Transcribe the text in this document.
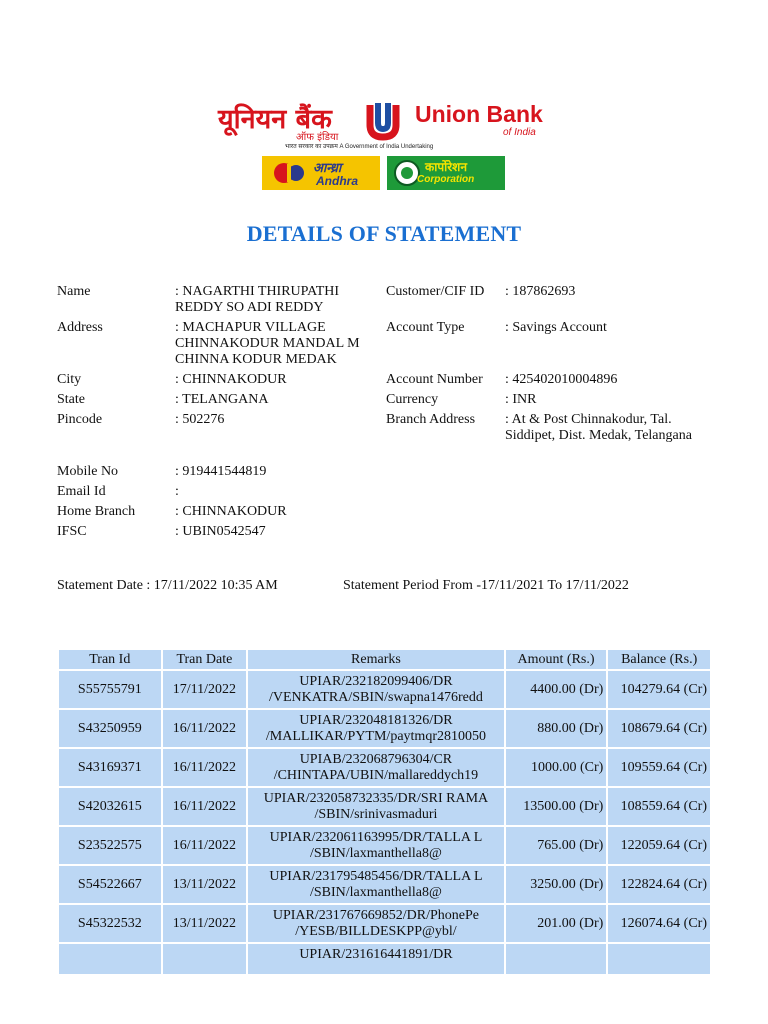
यूनियन बैंक
ऑफ इंडिया
Union Bank
of India
भारत सरकार का उपक्रम A Government of India Undertaking
आन्ध्रा
Andhra
कार्पोरेशन
Corporation
DETAILS OF STATEMENT
Name	: NAGARTHI THIRUPATHI REDDY SO ADI REDDY
Address	: MACHAPUR VILLAGE CHINNAKODUR MANDAL M CHINNA KODUR MEDAK
City	: CHINNAKODUR
State	: TELANGANA
Pincode	: 502276
Mobile No	: 919441544819
Email Id	:
Home Branch	: CHINNAKODUR
IFSC	: UBIN0542547
Customer/CIF ID : 187862693
Account Type	: Savings Account
Account Number : 425402010004896
Currency	: INR
Branch Address : At & Post Chinnakodur, Tal. Siddipet, Dist. Medak, Telangana
Statement Date : 17/11/2022 10:35 AM	Statement Period From -17/11/2021 To 17/11/2022
Tran Id	Tran Date	Remarks	Amount (Rs.)	Balance (Rs.)
S55755791	17/11/2022	UPIAR/232182099406/DR
/VENKATRA/SBIN/swapna1476redd	4400.00 (Dr)	104279.64 (Cr)
S43250959	16/11/2022	UPIAR/232048181326/DR
/MALLIKAR/PYTM/paytmqr2810050	880.00 (Dr)	108679.64 (Cr)
S43169371	16/11/2022	UPIAB/232068796304/CR
/CHINTAPA/UBIN/mallareddych19	1000.00 (Cr)	109559.64 (Cr)
S42032615	16/11/2022	UPIAR/232058732335/DR/SRI RAMA
/SBIN/srinivasmaduri	13500.00 (Dr)	108559.64 (Cr)
S23522575	16/11/2022	UPIAR/232061163995/DR/TALLA L
/SBIN/laxmanthella8@	765.00 (Dr)	122059.64 (Cr)
S54522667	13/11/2022	UPIAR/231795485456/DR/TALLA L
/SBIN/laxmanthella8@	3250.00 (Dr)	122824.64 (Cr)
S45322532	13/11/2022	UPIAR/231767669852/DR/PhonePe
/YESB/BILLDESKPP@ybl/	201.00 (Dr)	126074.64 (Cr)
		UPIAR/231616441891/DR		
